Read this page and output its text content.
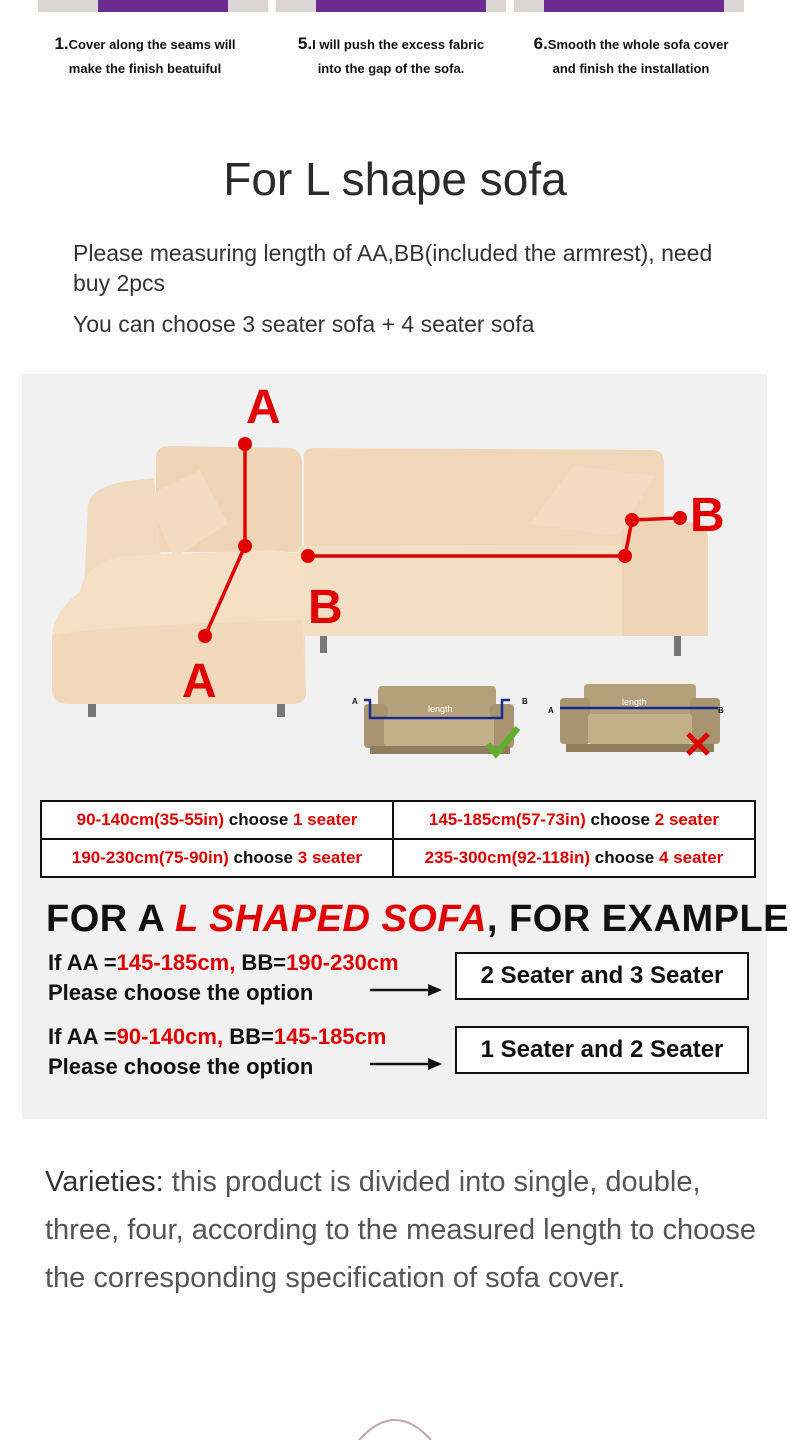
1.Cover along the seams will
make the finish beatuiful
5.I will push the excess fabric
into the gap of the sofa.
6.Smooth the whole sofa cover
and finish the installation
For L shape sofa
Please measuring length of AA,BB(included the armrest), need buy 2pcs
You can choose 3 seater sofa + 4 seater sofa
A
A
B
B
A	B
length	A	B
length
90-140cm(35-55in) choose 1 seater	145-185cm(57-73in) choose 2 seater
190-230cm(75-90in) choose 3 seater	235-300cm(92-118in) choose 4 seater
FOR A L SHAPED SOFA, FOR EXAMPLE
If AA =145-185cm, BB=190-230cm
Please choose the option
2 Seater and 3 Seater
If AA =90-140cm, BB=145-185cm
Please choose the option
1 Seater and 2 Seater
Varieties: this product is divided into single, double, three, four, according to the measured length to choose the corresponding specification of sofa cover.
